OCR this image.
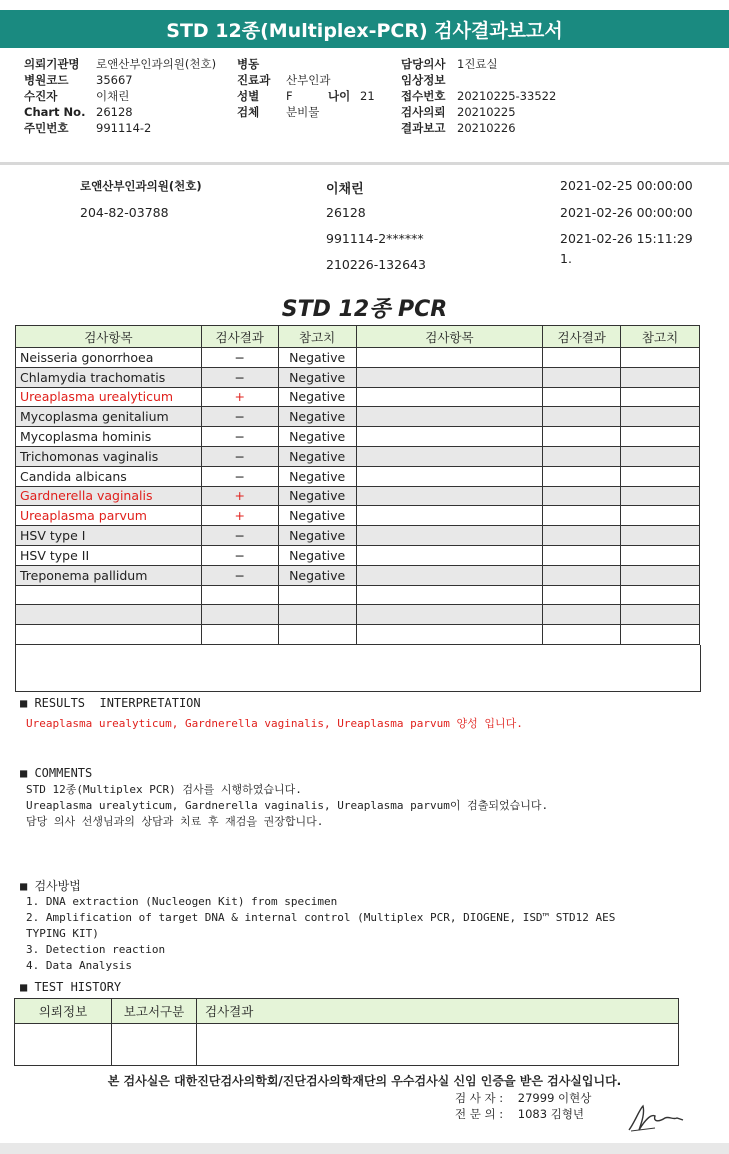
STD 12종(Multiplex-PCR) 검사결과보고서
의뢰기관명	로앤산부인과의원(천호)
병원코드	35667
수진자	이채린
Chart No. 26128
주민번호	991114-2
병동
진료과	산부인과
성별	F	나이 21
검체	분비물
담당의사	1진료실
임상정보
접수번호	20210225-33522
검사의뢰	20210225
결과보고	20210226
로앤산부인과의원(천호)
204-82-03788
이채린
26128
991114-2******
210226-132643
2021-02-25 00:00:00
2021-02-26 00:00:00
2021-02-26 15:11:29
1.
STD 12종 PCR
검사항목	검사결과	참고치	검사항목	검사결과	참고치
Neisseria gonorrhoea	−	Negative			
Chlamydia trachomatis	−	Negative			
Ureaplasma urealyticum	+	Negative			
Mycoplasma genitalium	−	Negative			
Mycoplasma hominis	−	Negative			
Trichomonas vaginalis	−	Negative			
Candida albicans	−	Negative			
Gardnerella vaginalis	+	Negative			
Ureaplasma parvum	+	Negative			
HSV type I	−	Negative			
HSV type II	−	Negative			
Treponema pallidum	−	Negative			

■ RESULTS  INTERPRETATION
Ureaplasma urealyticum, Gardnerella vaginalis, Ureaplasma parvum 양성 입니다.
■ COMMENTS
STD 12종(Multiplex PCR) 검사를 시행하였습니다.
Ureaplasma urealyticum, Gardnerella vaginalis, Ureaplasma parvum이 검출되었습니다.
담당 의사 선생님과의 상담과 치료 후 재검을 권장합니다.
■ 검사방법
1. DNA extraction (Nucleogen Kit) from specimen
2. Amplification of target DNA & internal control (Multiplex PCR, DIOGENE, ISD™ STD12 AES
TYPING KIT)
3. Detection reaction
4. Data Analysis
■ TEST HISTORY
의뢰정보	보고서구분	검사결과

본 검사실은 대한진단검사의학회/진단검사의학재단의 우수검사실 신임 인증을 받은 검사실입니다.
검 사 자 : 27999 이현상
전 문 의 : 1083 김형년
